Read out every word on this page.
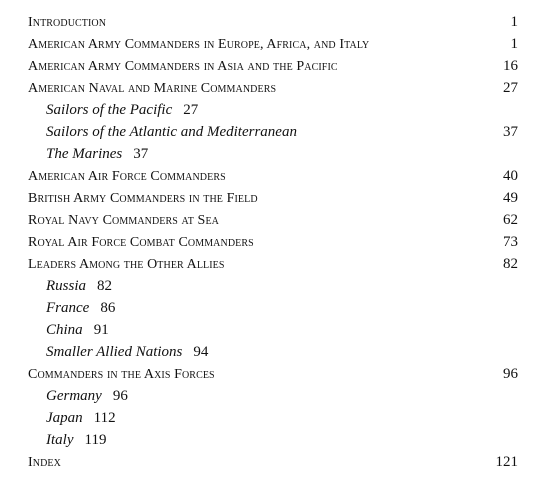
Introduction	1
American Army Commanders in Europe, Africa, and Italy	1
American Army Commanders in Asia and the Pacific	16
American Naval and Marine Commanders	27
Sailors of the Pacific 27
Sailors of the Atlantic and Mediterranean	37
The Marines 37
American Air Force Commanders	40
British Army Commanders in the Field	49
Royal Navy Commanders at Sea	62
Royal Air Force Combat Commanders	73
Leaders Among the Other Allies	82
Russia 82
France 86
China 91
Smaller Allied Nations 94
Commanders in the Axis Forces	96
Germany 96
Japan 112
Italy 119
Index	121
